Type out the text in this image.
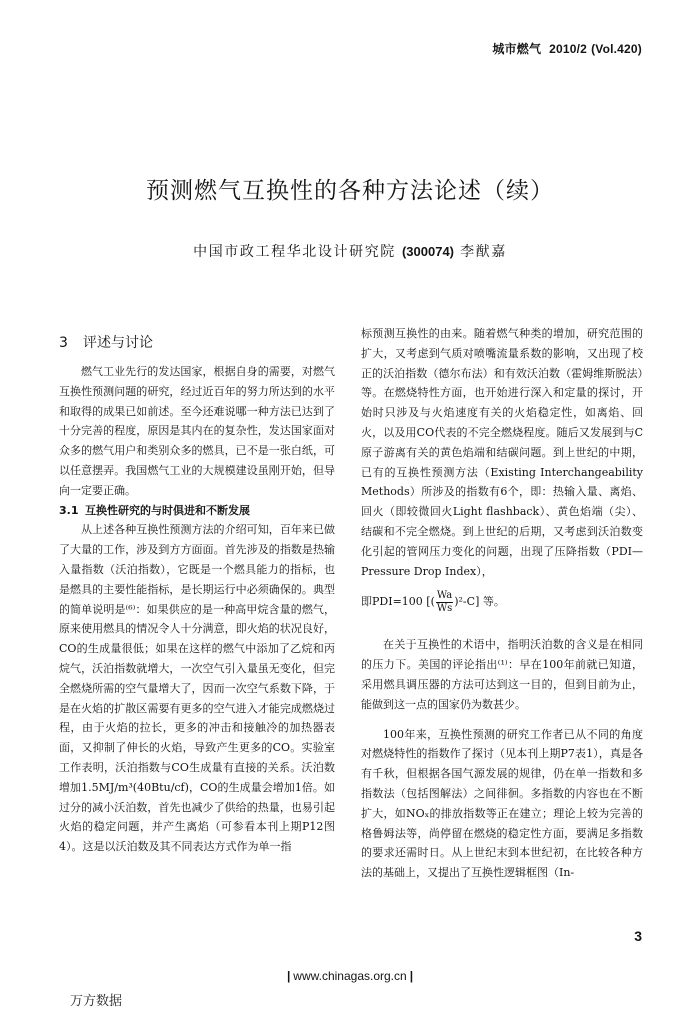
城市燃气 2010/2 (Vol.420)
预测燃气互换性的各种方法论述（续）
中国市政工程华北设计研究院 (300074) 李猷嘉
3 评述与讨论

燃气工业先行的发达国家，根据自身的需要，对燃气互换性预测问题的研究，经过近百年的努力所达到的水平和取得的成果已如前述。至今还难说哪一种方法已达到了十分完善的程度，原因是其内在的复杂性，发达国家面对众多的燃气用户和类别众多的燃具，已不是一张白纸，可以任意摆弄。我国燃气工业的大规模建设虽刚开始，但导向一定要正确。

3.1 互换性研究的与时俱进和不断发展

从上述各种互换性预测方法的介绍可知，百年来已做了大量的工作，涉及到方方面面。首先涉及的指数是热输入量指数（沃泊指数），它既是一个燃具能力的指标，也是燃具的主要性能指标，是长期运行中必须确保的。典型的简单说明是⁽⁶⁾：如果供应的是一种高甲烷含量的燃气，原来使用燃具的情况令人十分满意，即火焰的状况良好，CO的生成量很低；如果在这样的燃气中添加了乙烷和丙烷气，沃泊指数就增大，一次空气引入量虽无变化，但完全燃烧所需的空气量增大了，因而一次空气系数下降，于是在火焰的扩散区需要有更多的空气进入才能完成燃烧过程，由于火焰的拉长，更多的冲击和接触冷的加热器表面，又抑制了伸长的火焰，导致产生更多的CO。实验室工作表明，沃泊指数与CO生成量有直接的关系。沃泊数增加1.5MJ/m³(40Btu/cf)，CO的生成量会增加1倍。如过分的减小沃泊数，首先也减少了供给的热量，也易引起火焰的稳定问题，并产生离焰（可参看本刊上期P12图4）。这是以沃泊数及其不同表达方式作为单一指

标预测互换性的由来。随着燃气种类的增加，研究范围的扩大，又考虑到气质对喷嘴流量系数的影响，又出现了校正的沃泊指数（德尔布法）和有效沃泊数（霍姆维斯脱法）等。在燃烧特性方面，也开始进行深入和定量的探讨，开始时只涉及与火焰速度有关的火焰稳定性，如离焰、回火，以及用CO代表的不完全燃烧程度。随后又发展到与C原子游离有关的黄色焰端和结碳问题。到上世纪的中期，已有的互换性预测方法（Existing Interchangeability Methods）所涉及的指数有6个，即：热输入量、离焰、回火（即较微回火Light flashback）、黄色焰端（尖）、结碳和不完全燃烧。到上世纪的后期，又考虑到沃泊数变化引起的管网压力变化的问题，出现了压降指数（PDI—Pressure Drop Index），

即PDI=100 [( $\frac{Wa}{Ws} )^2-C$] 等。

在关于互换性的术语中，指明沃泊数的含义是在相同的压力下。美国的评论指出⁽¹⁾：早在100年前就已知道，采用燃具调压器的方法可达到这一目的，但到目前为止，能做到这一点的国家仍为数甚少。

100年来，互换性预测的研究工作者已从不同的角度对燃烧特性的指数作了探讨（见本刊上期P7表1），真是各有千秋，但根据各国气源发展的规律，仍在单一指数和多指数法（包括图解法）之间徘徊。多指数的内容也在不断扩大，如NOₓ的排放指数等正在建立；理论上较为完善的格鲁姆法等，尚停留在燃烧的稳定性方面，要满足多指数的要求还需时日。从上世纪末到本世纪初，在比较各种方法的基础上，又提出了互换性逻辑框图（In-

3
| www.chinagas.org.cn |
万方数据
